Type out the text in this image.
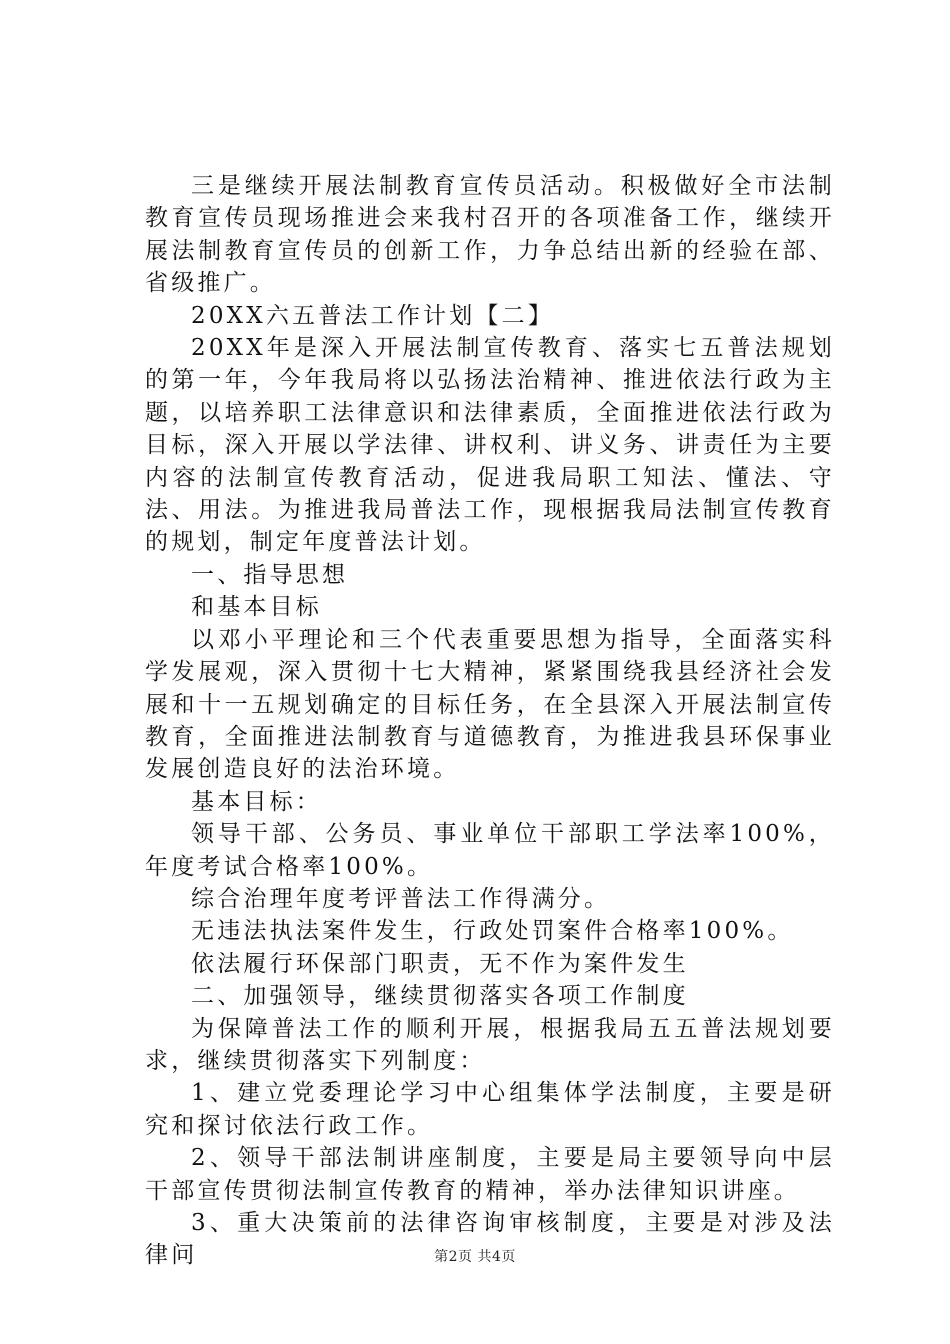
三是继续开展法制教育宣传员活动。积极做好全市法制教育宣传员现场推进会来我村召开的各项准备工作，继续开展法制教育宣传员的创新工作，力争总结出新的经验在部、省级推广。

20XX六五普法工作计划【二】

20XX年是深入开展法制宣传教育、落实七五普法规划的第一年，今年我局将以弘扬法治精神、推进依法行政为主题，以培养职工法律意识和法律素质，全面推进依法行政为目标，深入开展以学法律、讲权利、讲义务、讲责任为主要内容的法制宣传教育活动，促进我局职工知法、懂法、守法、用法。为推进我局普法工作，现根据我局法制宣传教育的规划，制定年度普法计划。

一、指导思想

和基本目标

以邓小平理论和三个代表重要思想为指导，全面落实科学发展观，深入贯彻十七大精神，紧紧围绕我县经济社会发展和十一五规划确定的目标任务，在全县深入开展法制宣传教育，全面推进法制教育与道德教育，为推进我县环保事业发展创造良好的法治环境。

基本目标：

领导干部、公务员、事业单位干部职工学法率100%，年度考试合格率100%。

综合治理年度考评普法工作得满分。

无违法执法案件发生，行政处罚案件合格率100%。

依法履行环保部门职责，无不作为案件发生

二、加强领导，继续贯彻落实各项工作制度

为保障普法工作的顺利开展，根据我局五五普法规划要求，继续贯彻落实下列制度：

1、建立党委理论学习中心组集体学法制度，主要是研究和探讨依法行政工作。

2、领导干部法制讲座制度，主要是局主要领导向中层干部宣传贯彻法制宣传教育的精神，举办法律知识讲座。

3、重大决策前的法律咨询审核制度，主要是对涉及法律问	第2页 共4页
